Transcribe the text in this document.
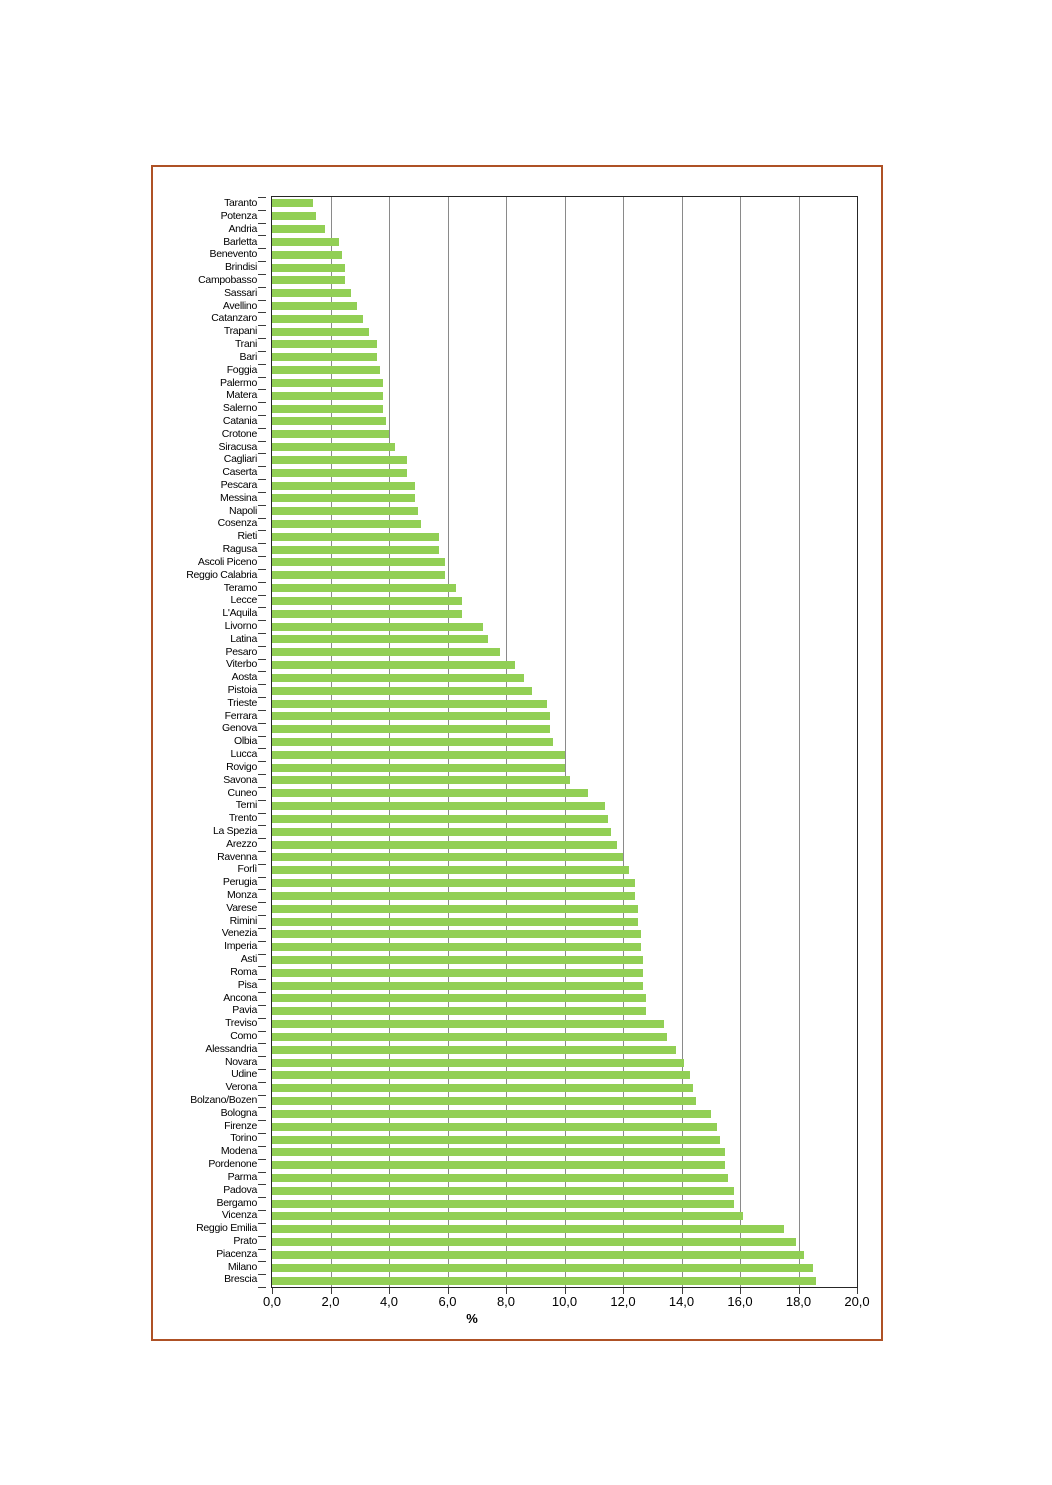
Taranto
Potenza
Andria
Barletta
Benevento
Brindisi
Campobasso
Sassari
Avellino
Catanzaro
Trapani
Trani
Bari
Foggia
Palermo
Matera
Salerno
Catania
Crotone
Siracusa
Cagliari
Caserta
Pescara
Messina
Napoli
Cosenza
Rieti
Ragusa
Ascoli Piceno
Reggio Calabria
Teramo
Lecce
L'Aquila
Livorno
Latina
Pesaro
Viterbo
Aosta
Pistoia
Trieste
Ferrara
Genova
Olbia
Lucca
Rovigo
Savona
Cuneo
Terni
Trento
La Spezia
Arezzo
Ravenna
Forlì
Perugia
Monza
Varese
Rimini
Venezia
Imperia
Asti
Roma
Pisa
Ancona
Pavia
Treviso
Como
Alessandria
Novara
Udine
Verona
Bolzano/Bozen
Bologna
Firenze
Torino
Modena
Pordenone
Parma
Padova
Bergamo
Vicenza
Reggio Emilia
Prato
Piacenza
Milano
Brescia
0,0	2,0	4,0	6,0	8,0	10,0	12,0	14,0	16,0	18,0	20,0
%
